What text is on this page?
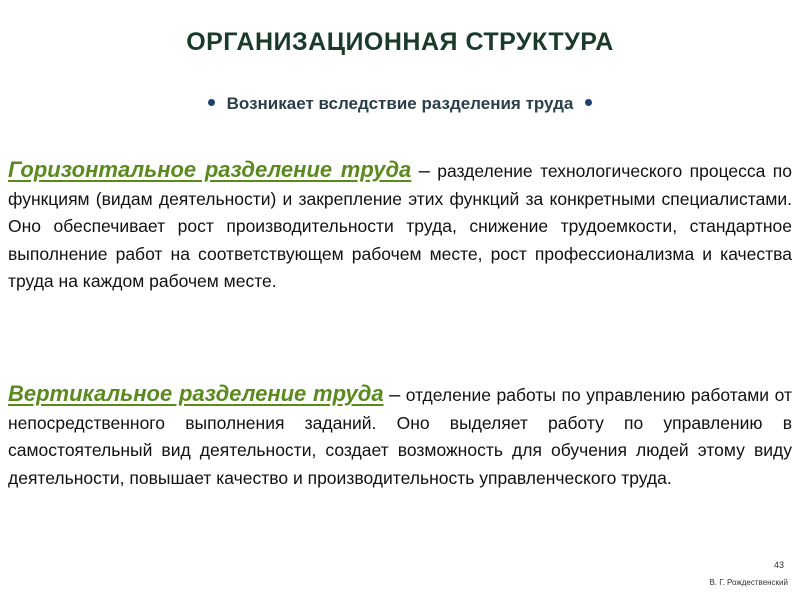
ОРГАНИЗАЦИОННАЯ СТРУКТУРА
Возникает вследствие разделения труда
Горизонтальное разделение труда – разделение технологического процесса по функциям (видам деятельности) и закрепление этих функций за конкретными специалистами. Оно обеспечивает рост производительности труда, снижение трудоемкости, стандартное выполнение работ на соответствующем рабочем месте, рост профессионализма и качества труда на каждом рабочем месте.
Вертикальное разделение труда – отделение работы по управлению работами от непосредственного выполнения заданий. Оно выделяет работу по управлению в самостоятельный вид деятельности, создает возможность для обучения людей этому виду деятельности, повышает качество и производительность управленческого труда.
43
В. Г. Рождественский
